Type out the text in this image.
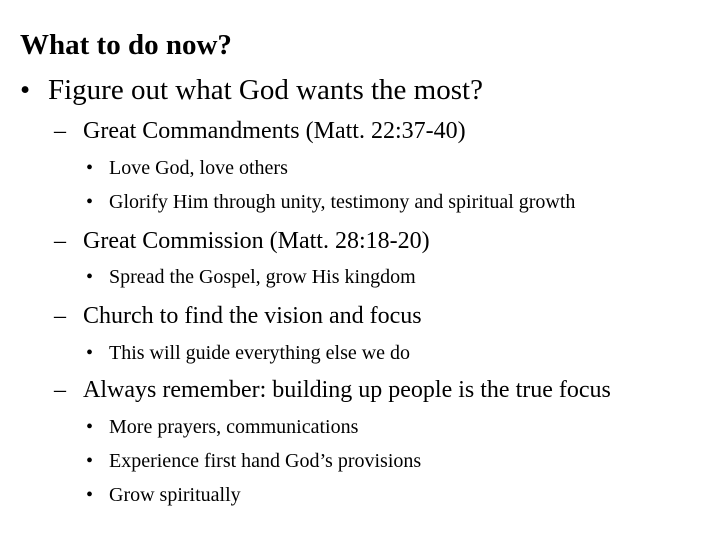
What to do now?
• Figure out what God wants the most?
– Great Commandments (Matt. 22:37-40)
• Love God, love others
• Glorify Him through unity, testimony and spiritual growth
– Great Commission (Matt. 28:18-20)
• Spread the Gospel, grow His kingdom
– Church to find the vision and focus
• This will guide everything else we do
– Always remember: building up people is the true focus
• More prayers, communications
• Experience first hand God’s provisions
• Grow spiritually
